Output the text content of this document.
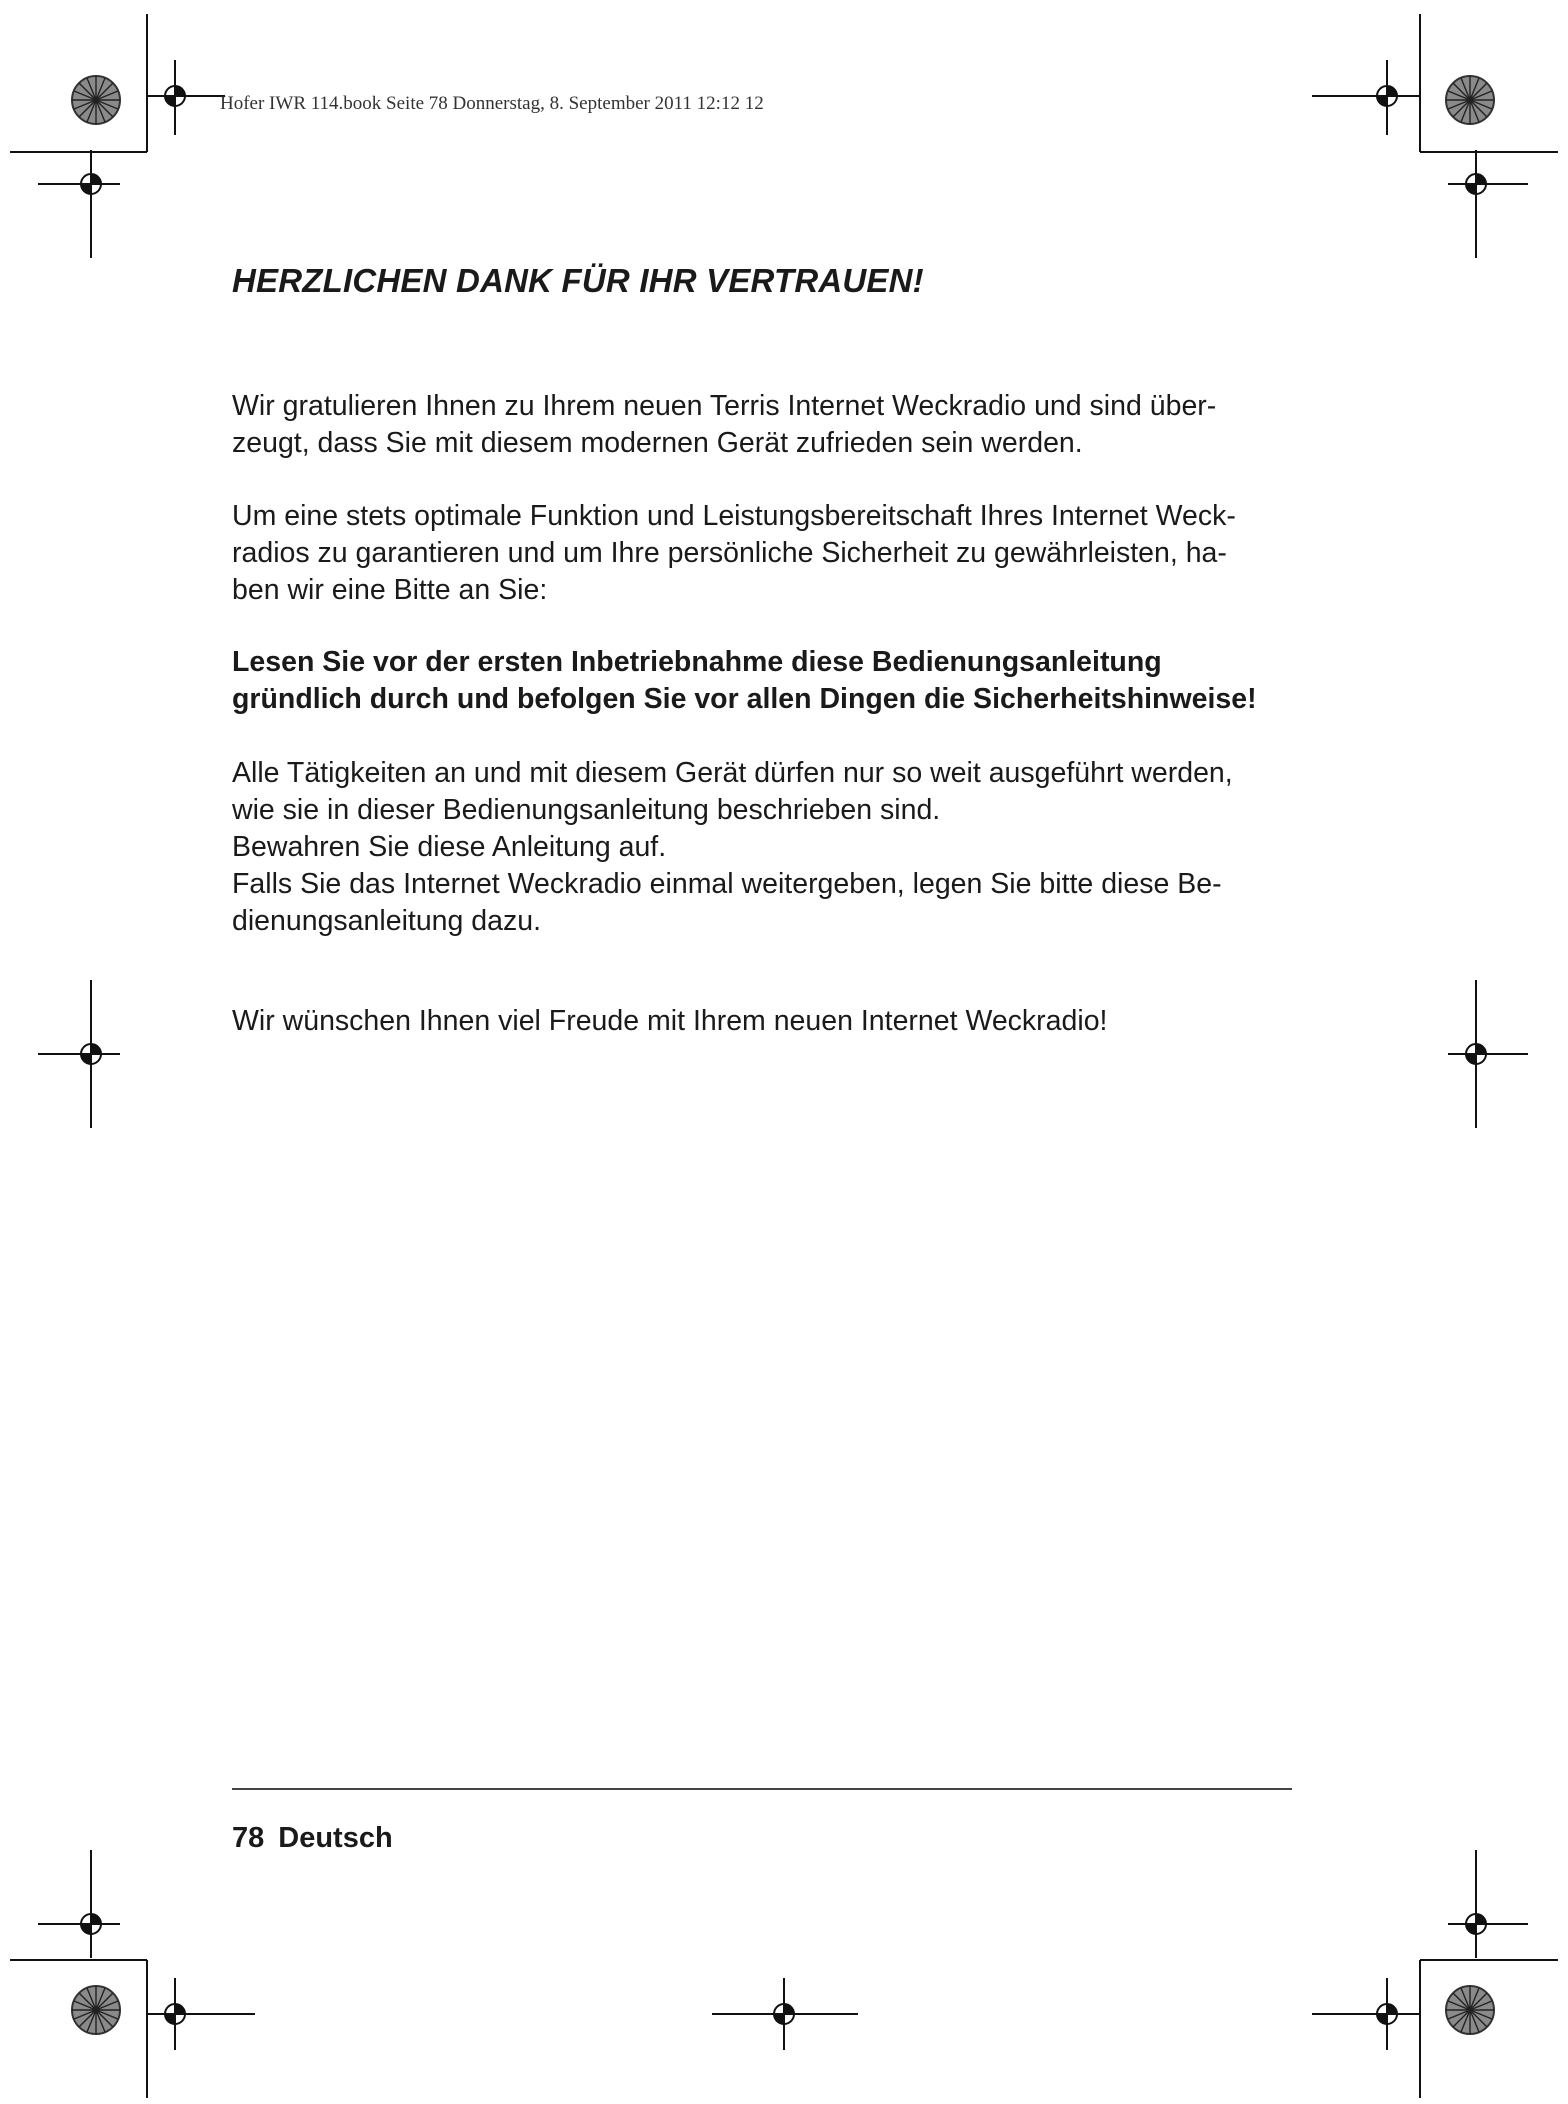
Hofer IWR 114.book Seite 78 Donnerstag, 8. September 2011 12:12 12
HERZLICHEN DANK FÜR IHR VERTRAUEN!

Wir gratulieren Ihnen zu Ihrem neuen Terris Internet Weckradio und sind über-
zeugt, dass Sie mit diesem modernen Gerät zufrieden sein werden.

Um eine stets optimale Funktion und Leistungsbereitschaft Ihres Internet Weck-
radios zu garantieren und um Ihre persönliche Sicherheit zu gewährleisten, ha-
ben wir eine Bitte an Sie:

Lesen Sie vor der ersten Inbetriebnahme diese Bedienungsanleitung
gründlich durch und befolgen Sie vor allen Dingen die Sicherheitshinweise!

Alle Tätigkeiten an und mit diesem Gerät dürfen nur so weit ausgeführt werden,
wie sie in dieser Bedienungsanleitung beschrieben sind.
Bewahren Sie diese Anleitung auf.
Falls Sie das Internet Weckradio einmal weitergeben, legen Sie bitte diese Be-
dienungsanleitung dazu.

Wir wünschen Ihnen viel Freude mit Ihrem neuen Internet Weckradio!

78 Deutsch
